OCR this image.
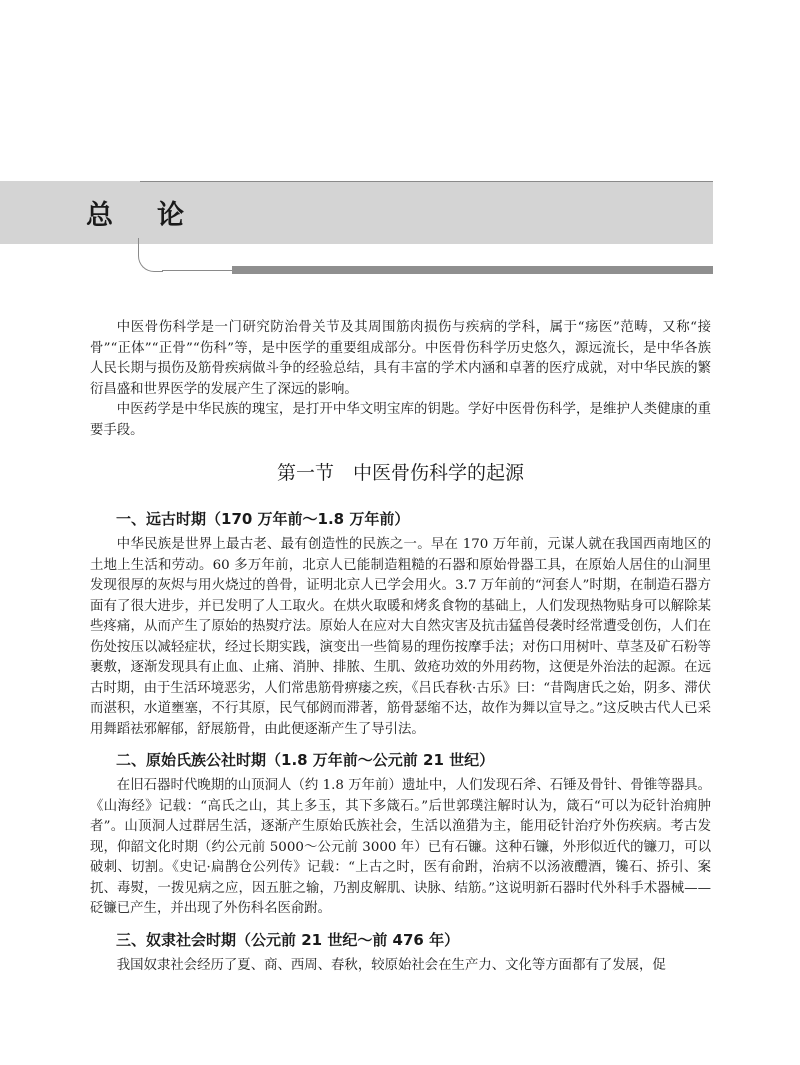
总论

中医骨伤科学是一门研究防治骨关节及其周围筋肉损伤与疾病的学科，属于“疡医”范畴，又称“接骨”“正体”“正骨”“伤科”等，是中医学的重要组成部分。中医骨伤科学历史悠久，源远流长，是中华各族人民长期与损伤及筋骨疾病做斗争的经验总结，具有丰富的学术内涵和卓著的医疗成就，对中华民族的繁衍昌盛和世界医学的发展产生了深远的影响。

中医药学是中华民族的瑰宝，是打开中华文明宝库的钥匙。学好中医骨伤科学，是维护人类健康的重要手段。

第一节　中医骨伤科学的起源
一、远古时期（170 万年前～1.8 万年前）

中华民族是世界上最古老、最有创造性的民族之一。早在 170 万年前，元谋人就在我国西南地区的土地上生活和劳动。60 多万年前，北京人已能制造粗糙的石器和原始骨器工具，在原始人居住的山洞里发现很厚的灰烬与用火烧过的兽骨，证明北京人已学会用火。3.7 万年前的“河套人”时期，在制造石器方面有了很大进步，并已发明了人工取火。在烘火取暖和烤炙食物的基础上，人们发现热物贴身可以解除某些疼痛，从而产生了原始的热熨疗法。原始人在应对大自然灾害及抗击猛兽侵袭时经常遭受创伤，人们在伤处按压以减轻症状，经过长期实践，演变出一些简易的理伤按摩手法；对伤口用树叶、草茎及矿石粉等裹敷，逐渐发现具有止血、止痛、消肿、排脓、生肌、敛疮功效的外用药物，这便是外治法的起源。在远古时期，由于生活环境恶劣，人们常患筋骨痹痿之疾，《吕氏春秋·古乐》曰：“昔陶唐氏之始，阴多、滞伏而湛积，水道壅塞，不行其原，民气郁阏而滞著，筋骨瑟缩不达，故作为舞以宣导之。”这反映古代人已采用舞蹈祛邪解郁，舒展筋骨，由此便逐渐产生了导引法。

二、原始氏族公社时期（1.8 万年前～公元前 21 世纪）

在旧石器时代晚期的山顶洞人（约 1.8 万年前）遗址中，人们发现石斧、石锤及骨针、骨锥等器具。《山海经》记载：“高氏之山，其上多玉，其下多箴石。”后世郭璞注解时认为，箴石“可以为砭针治痈肿者”。山顶洞人过群居生活，逐渐产生原始氏族社会，生活以渔猎为主，能用砭针治疗外伤疾病。考古发现，仰韶文化时期（约公元前 5000～公元前 3000 年）已有石镰。这种石镰，外形似近代的镰刀，可以破刺、切割。《史记·扁鹊仓公列传》记载：“上古之时，医有俞跗，治病不以汤液醴酒，镵石、挢引、案扤、毒熨，一拨见病之应，因五脏之输，乃割皮解肌、诀脉、结筋。”这说明新石器时代外科手术器械——砭镰已产生，并出现了外伤科名医俞跗。

三、奴隶社会时期（公元前 21 世纪～前 476 年）

我国奴隶社会经历了夏、商、西周、春秋，较原始社会在生产力、文化等方面都有了发展，促
